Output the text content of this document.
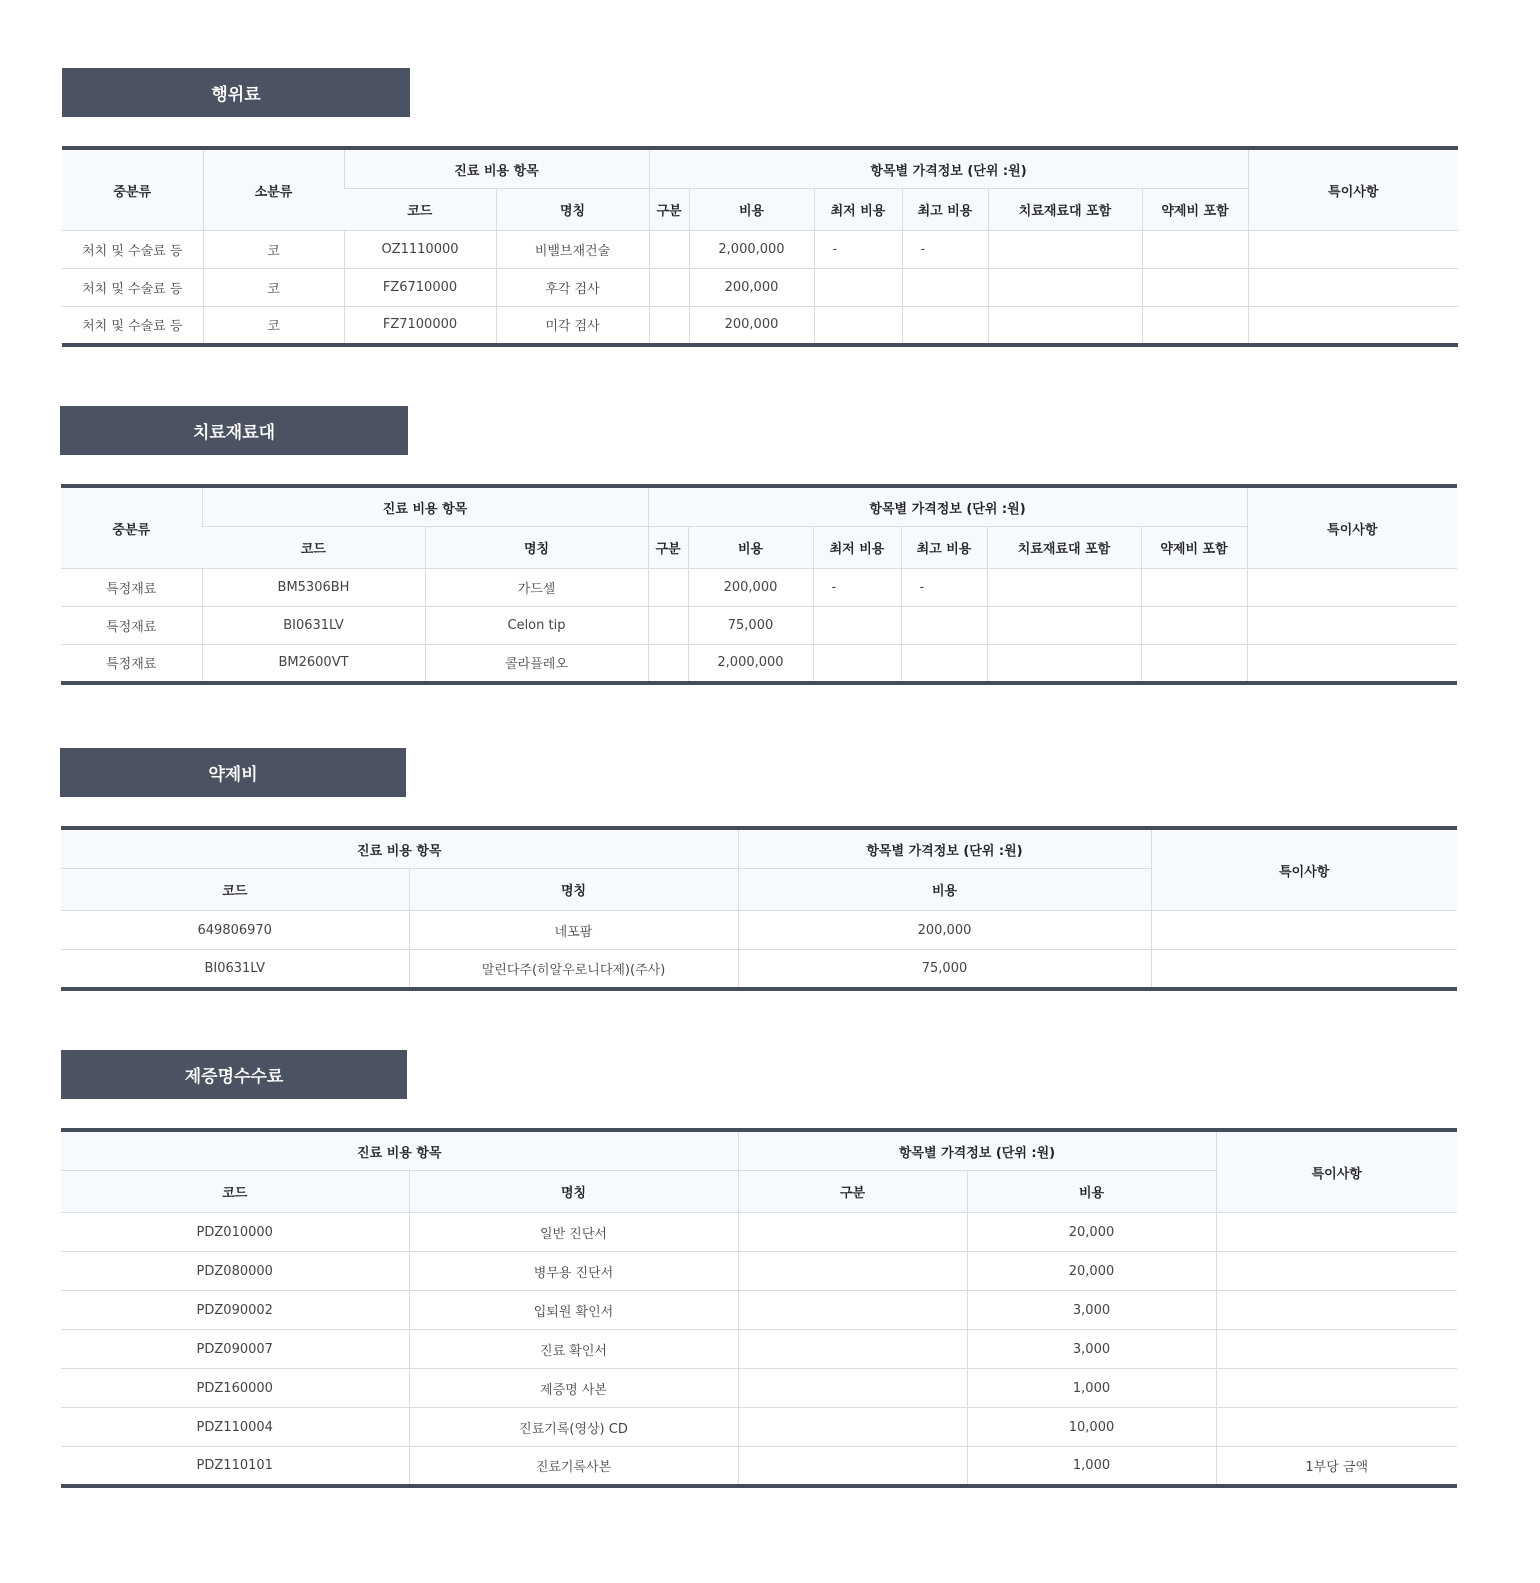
행위료
중분류	소분류	진료 비용 항목		항목별 가격정보 (단위 :원)						특이사항
		코드	명칭	구분	비용	최저 비용	최고 비용	치료재료대 포함	약제비 포함	
처치 및 수술료 등	코	OZ1110000	비밸브재건술		2,000,000	-	-			
처치 및 수술료 등	코	FZ6710000	후각 검사		200,000					
처치 및 수술료 등	코	FZ7100000	미각 검사		200,000					
치료재료대
중분류	진료 비용 항목		항목별 가격정보 (단위 :원)						특이사항
	코드	명칭	구분	비용	최저 비용	최고 비용	치료재료대 포함	약제비 포함	
특정재료	BM5306BH	가드셀		200,000	-	-			
특정재료	BI0631LV	Celon tip		75,000					
특정재료	BM2600VT	콜라플레오		2,000,000					
약제비
진료 비용 항목		항목별 가격정보 (단위 :원)	특이사항
코드	명칭	비용	
649806970	네포팜	200,000	
BI0631LV	말린다주(히알우로니다제)(주사)	75,000	
제증명수수료
진료 비용 항목		항목별 가격정보 (단위 :원)		특이사항
코드	명칭	구분	비용	
PDZ010000	일반 진단서		20,000	
PDZ080000	병무용 진단서		20,000	
PDZ090002	입퇴원 확인서		3,000	
PDZ090007	진료 확인서		3,000	
PDZ160000	제증명 사본		1,000	
PDZ110004	진료기록(영상) CD		10,000	
PDZ110101	진료기록사본		1,000	1부당 금액
